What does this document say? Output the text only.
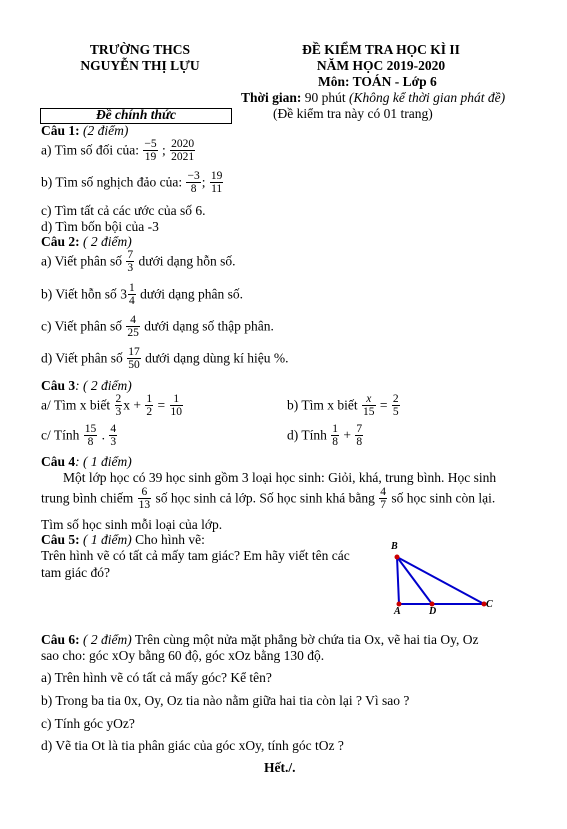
TRƯỜNG THCS
NGUYỄN THỊ LỰU
ĐỀ KIỂM TRA HỌC KÌ II
NĂM HỌC 2019-2020
Môn: TOÁN - Lớp 6
Thời gian: 90 phút (Không kể thời gian phát đề)
(Đề kiểm tra này có 01 trang)
Đề chính thức
Câu 1: (2 điểm)
a) Tìm số đối của: $\frac{-5}{19}$ ; $\frac{2020}{2021}$
b) Tìm số nghịch đảo của: $\frac{-3}{8}$ ; $\frac{19}{11}$
c) Tìm tất cả các ước của số 6.
d) Tìm bốn bội của -3
Câu 2: ( 2 điểm)
a) Viết phân số $\frac{7}{3}$ dưới dạng hỗn số.
b) Viết hỗn số $3 \frac{1}{4}$ dưới dạng phân số.
c) Viết phân số $\frac{4}{25}$ dưới dạng số thập phân.
d) Viết phân số $\frac{17}{50}$ dưới dạng dùng kí hiệu %.
Câu 3: ( 2 điểm)
a/ Tìm x biết $\frac{2}{3}$ $x + \frac{1}{2} = \frac{1}{10}$	b) Tìm x biết $\frac{x}{15} = \frac{2}{5}$
c/ Tính $\frac{15}{8}$ . $\frac{4}{3}$	d) Tính $\frac{1}{8} + \frac{7}{8}$
Câu 4: ( 1 điểm)
Một lớp học có 39 học sinh gồm 3 loại học sinh: Giỏi, khá, trung bình. Học sinh
trung bình chiếm $\frac{6}{13}$ số học sinh cả lớp. Số học sinh khá bằng $\frac{4}{7}$ số học sinh còn lại.
Tìm số học sinh mỗi loại của lớp.
Câu 5: ( 1 điểm) Cho hình vẽ:
Trên hình vẽ có tất cả mấy tam giác? Em hãy viết tên các
tam giác đó?
B
A	D
C
Câu 6: ( 2 điểm) Trên cùng một nửa mặt phẳng bờ chứa tia Ox, vẽ hai tia Oy, Oz
sao cho: góc xOy bằng 60 độ, góc xOz bằng 130 độ.
a) Trên hình vẽ có tất cả mấy góc? Kể tên?
b) Trong ba tia 0x, Oy, Oz tia nào nằm giữa hai tia còn lại ? Vì sao ?
c) Tính góc yOz?
d) Vẽ tia Ot là tia phân giác của góc xOy, tính góc tOz ?
Hết./.
